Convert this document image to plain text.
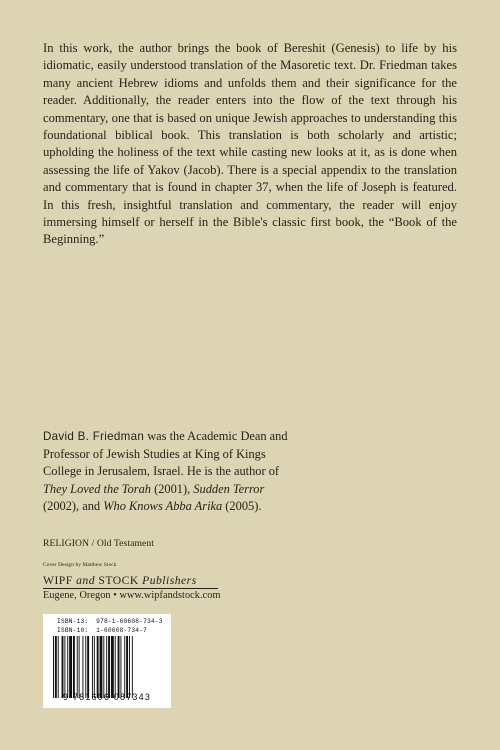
In this work, the author brings the book of Bereshit (Genesis) to life by his idiomatic, easily understood translation of the Masoretic text. Dr. Friedman takes many ancient Hebrew idioms and unfolds them and their significance for the reader. Additionally, the reader enters into the flow of the text through his commentary, one that is based on unique Jewish approaches to understanding this foundational biblical book. This translation is both scholarly and artistic; upholding the holiness of the text while casting new looks at it, as is done when assessing the life of Yakov (Jacob). There is a special appendix to the translation and commentary that is found in chapter 37, when the life of Joseph is featured. In this fresh, insightful translation and commentary, the reader will enjoy immersing himself or herself in the Bible's classic first book, the “Book of the Beginning.”

David B. Friedman was the Academic Dean and
Professor of Jewish Studies at King of Kings
College in Jerusalem, Israel. He is the author of
They Loved the Torah (2001), Sudden Terror
(2002), and Who Knows Abba Arika (2005).
RELIGION / Old Testament
Cover Design by Matthew Stock
WIPF and STOCK Publishers
Eugene, Oregon • www.wipfandstock.com
ISBN-13:  978-1-60608-734-3
ISBN-10:  1-60608-734-7
9 781606 087343
